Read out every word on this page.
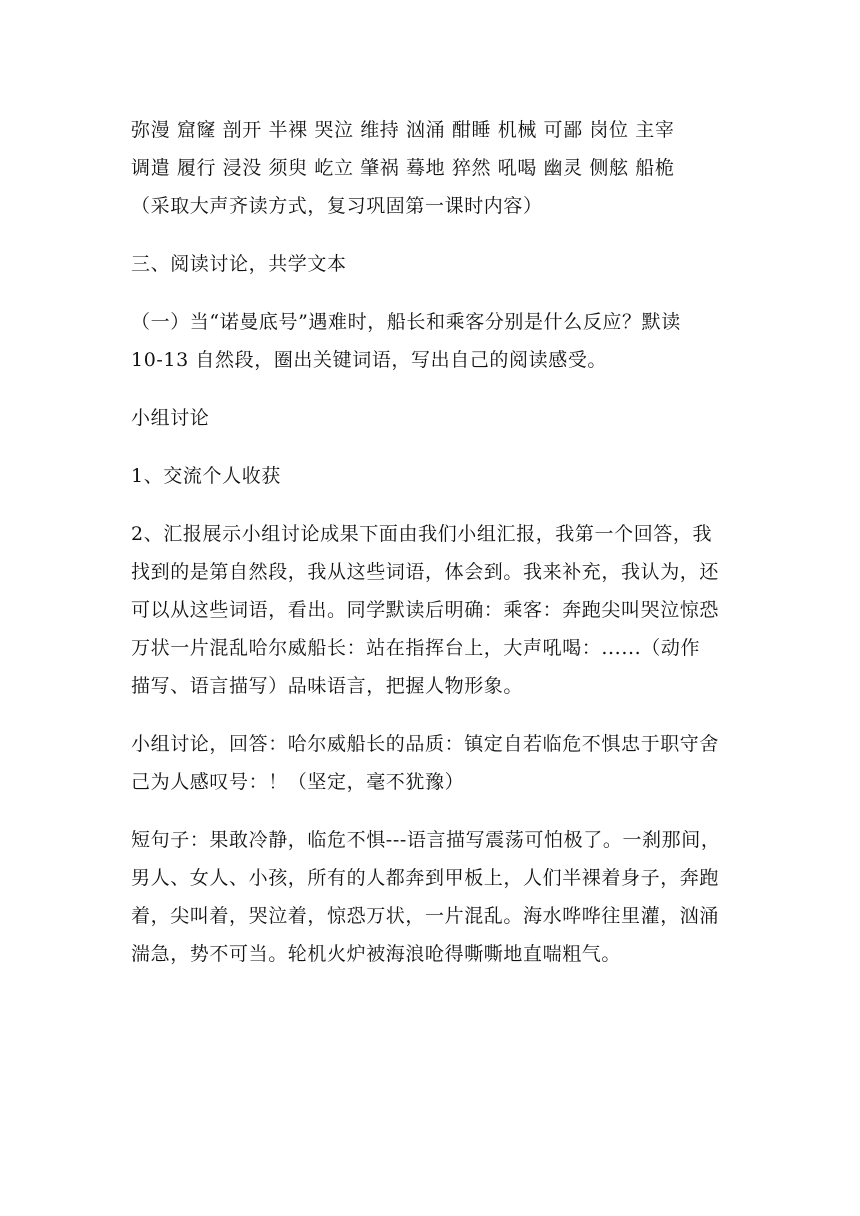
弥漫 窟窿 剖开 半裸 哭泣 维持 汹涌 酣睡 机械 可鄙 岗位 主宰
调遣 履行 浸没 须臾 屹立 肇祸 蓦地 猝然 吼喝 幽灵 侧舷 船桅
（采取大声齐读方式，复习巩固第一课时内容）
三、阅读讨论，共学文本
（一）当“诺曼底号”遇难时，船长和乘客分别是什么反应？默读
10-13 自然段，圈出关键词语，写出自己的阅读感受。
小组讨论
1、交流个人收获
2、汇报展示小组讨论成果下面由我们小组汇报，我第一个回答，我
找到的是第自然段，我从这些词语，体会到。我来补充，我认为，还
可以从这些词语，看出。同学默读后明确：乘客：奔跑尖叫哭泣惊恐
万状一片混乱哈尔威船长：站在指挥台上，大声吼喝：......（动作
描写、语言描写）品味语言，把握人物形象。
小组讨论，回答：哈尔威船长的品质：镇定自若临危不惧忠于职守舍
己为人感叹号：！（坚定，毫不犹豫）
短句子：果敢冷静，临危不惧---语言描写震荡可怕极了。一刹那间，
男人、女人、小孩，所有的人都奔到甲板上，人们半裸着身子，奔跑
着，尖叫着，哭泣着，惊恐万状，一片混乱。海水哗哗往里灌，汹涌
湍急，势不可当。轮机火炉被海浪呛得嘶嘶地直喘粗气。
